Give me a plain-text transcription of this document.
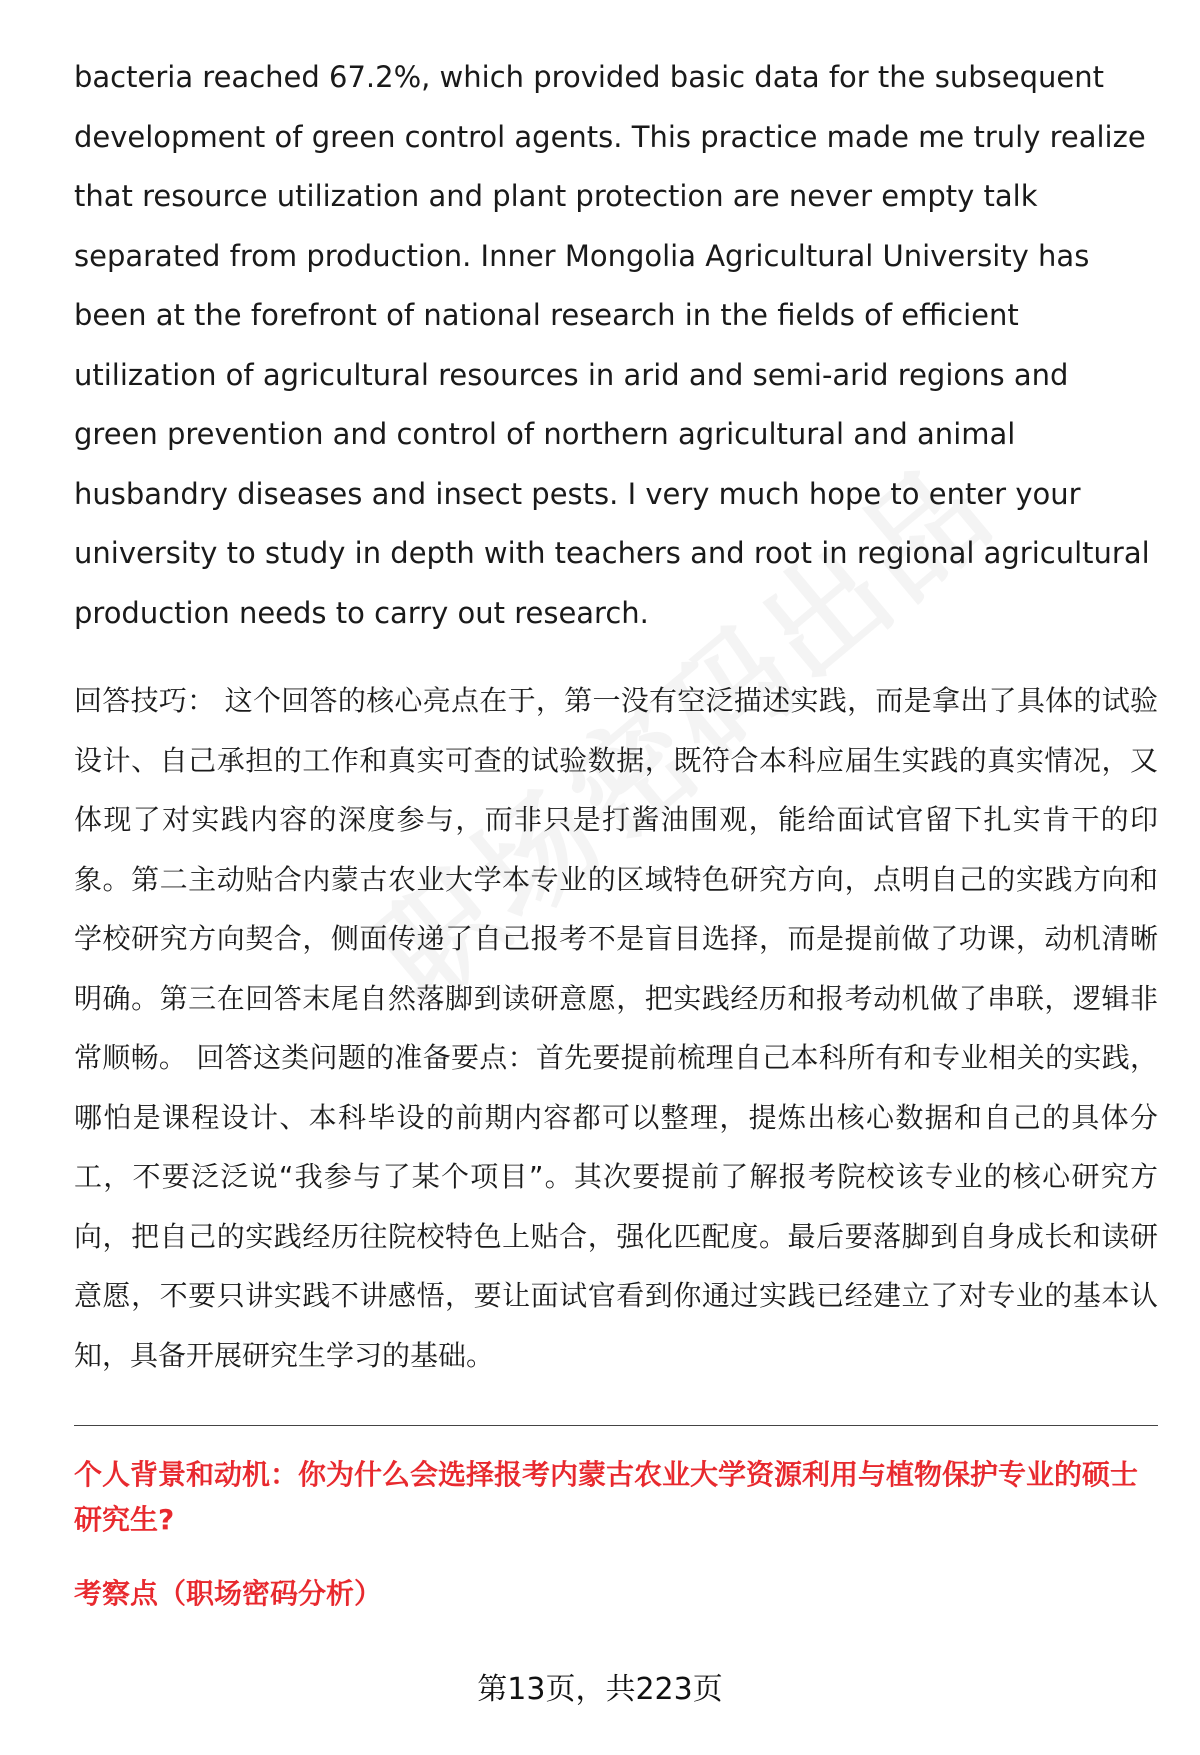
bacteria reached 67.2%, which provided basic data for the subsequent development of green control agents. This practice made me truly realize that resource utilization and plant protection are never empty talk separated from production. Inner Mongolia Agricultural University has been at the forefront of national research in the fields of efficient utilization of agricultural resources in arid and semi-arid regions and green prevention and control of northern agricultural and animal husbandry diseases and insect pests. I very much hope to enter your university to study in depth with teachers and root in regional agricultural production needs to carry out research.

回答技巧： 这个回答的核心亮点在于，第一没有空泛描述实践，而是拿出了具体的试验设计、自己承担的工作和真实可查的试验数据，既符合本科应届生实践的真实情况，又体现了对实践内容的深度参与，而非只是打酱油围观，能给面试官留下扎实肯干的印象。第二主动贴合内蒙古农业大学本专业的区域特色研究方向，点明自己的实践方向和学校研究方向契合，侧面传递了自己报考不是盲目选择，而是提前做了功课，动机清晰明确。第三在回答末尾自然落脚到读研意愿，把实践经历和报考动机做了串联，逻辑非常顺畅。 回答这类问题的准备要点：首先要提前梳理自己本科所有和专业相关的实践，哪怕是课程设计、本科毕设的前期内容都可以整理，提炼出核心数据和自己的具体分工，不要泛泛说“我参与了某个项目”。其次要提前了解报考院校该专业的核心研究方向，把自己的实践经历往院校特色上贴合，强化匹配度。最后要落脚到自身成长和读研意愿，不要只讲实践不讲感悟，要让面试官看到你通过实践已经建立了对专业的基本认知，具备开展研究生学习的基础。

个人背景和动机：你为什么会选择报考内蒙古农业大学资源利用与植物保护专业的硕士研究生?

考察点（职场密码分析）

第13页，共223页
